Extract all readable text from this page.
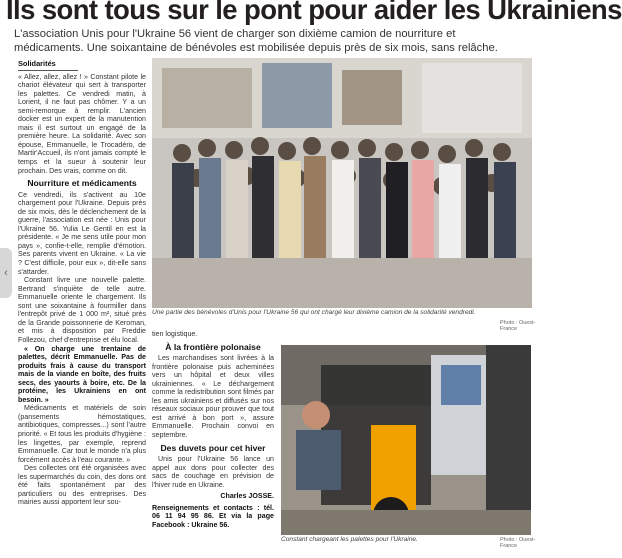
Ils sont tous sur le pont pour aider les Ukrainiens
L'association Unis pour l'Ukraine 56 vient de charger son dixième camion de nourriture et médicaments. Une soixantaine de bénévoles est mobilisée depuis près de six mois, sans relâche.
‹
Solidarités

« Allez, allez, allez ! » Constant pilote le chariot élévateur qui sert à transporter les palettes. Ce vendredi matin, à Lorient, il ne faut pas chômer. Y a un semi-remorque à remplir. L'ancien docker est un expert de la manutention mais il est surtout un engagé de la première heure. La solidarité. Avec son épouse, Emmanuelle, le Trocadéro, de Martir'Accueil, ils n'ont jamais compté le temps et la sueur à soutenir leur prochain. Des vrais, comme on dit.

Nourriture et médicaments

Ce vendredi, ils s'activent au 10e chargement pour l'Ukraine. Depuis près de six mois, dès le déclenchement de la guerre, l'association est née : Unis pour l'Ukraine 56. Yulia Le Gentil en est la présidente. « Je me sens utile pour mon pays », confie-t-elle, remplie d'émotion. Ses parents vivent en Ukraine. « La vie ? C'est difficile, pour eux », dit-elle sans s'attarder.

Constant livre une nouvelle palette. Bertrand s'inquiète de telle autre. Emmanuelle oriente le chargement. Ils sont une soixantaine à fourmiller dans l'entrepôt privé de 1 000 m², situé près de la Grande poissonnerie de Keroman, et mis à disposition par Freddie Follezou, chef d'entreprise et élu local.

« On charge une trentaine de palettes, décrit Emmanuelle. Pas de produits frais à cause du transport mais de la viande en boîte, des fruits secs, des yaourts à boire, etc. De la protéine, les Ukrainiens en ont besoin. »

Médicaments et matériels de soin (pansements hémostatiques, antibiotiques, compresses...) sont l'autre priorité. « Et tous les produits d'hygiène : les lingettes, par exemple, reprend Emmanuelle. Car tout le monde n'a plus forcément accès à l'eau courante. »

Des collectes ont été organisées avec les supermarchés du coin, des dons ont été faits spontanément par des particuliers ou des entreprises. Des mairies aussi apportent leur sou-

Une partie des bénévoles d'Unis pour l'Ukraine 56 qui ont chargé leur dixième camion de la solidarité vendredi.
Photo : Ouest-France

tien logistique.

À la frontière polonaise

Les marchandises sont livrées à la frontière polonaise puis acheminées vers un hôpital et deux villes ukrainiennes. « Le déchargement comme la redistribution sont filmés par les amis ukrainiens et diffusés sur nos réseaux sociaux pour prouver que tout est arrivé à bon port », assure Emmanuelle. Prochain convoi en septembre.

Des duvets pour cet hiver

Unis pour l'Ukraine 56 lance un appel aux dons pour collecter des sacs de couchage en prévision de l'hiver rude en Ukraine.

Charles JOSSE.

Renseignements et contacts : tél. 06 11 94 95 86. Et via la page Facebook : Ukraine 56.

Constant chargeant les palettes pour l'Ukraine.	Photo : Ouest-France
